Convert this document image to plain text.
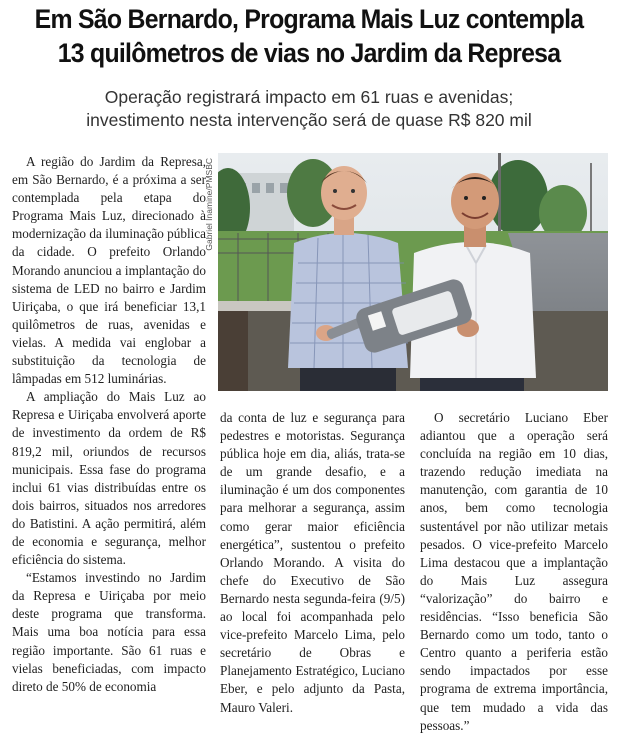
Em São Bernardo, Programa Mais Luz contempla
13 quilômetros de vias no Jardim da Represa
Operação registrará impacto em 61 ruas e avenidas;
investimento nesta intervenção será de quase R$ 820 mil

A região do Jardim da Represa, em São Bernardo, é a próxima a ser contemplada pela etapa do Programa Mais Luz, direcionado à modernização da iluminação pública da cidade. O prefeito Orlando Morando anunciou a implantação do sistema de LED no bairro e Jardim Uiriçaba, o que irá beneficiar 13,1 quilômetros de ruas, avenidas e vielas. A medida vai englobar a substituição da tecnologia de lâmpadas em 512 luminárias.

A ampliação do Mais Luz ao Represa e Uiriçaba envolverá aporte de investimento da ordem de R$ 819,2 mil, oriundos de recursos municipais. Essa fase do programa inclui 61 vias distribuídas entre os dois bairros, situados nos arredores do Batistini. A ação permitirá, além de economia e segurança, melhor eficiência do sistema.

“Estamos investindo no Jardim da Represa e Uiriçaba por meio deste programa que transforma. Mais uma boa notícia para essa região importante. São 61 ruas e vielas beneficiadas, com impacto direto de 50% de economia

Gabriel Inamine/PMSBC

da conta de luz e segurança para pedestres e motoristas. Segurança pública hoje em dia, aliás, trata-se de um grande desafio, e a iluminação é um dos componentes para melhorar a segurança, assim como gerar maior eficiência energética”, sustentou o prefeito Orlando Morando. A visita do chefe do Executivo de São Bernardo nesta segunda-feira (9/5) ao local foi acompanhada pelo vice-prefeito Marcelo Lima, pelo secretário de Obras e Planejamento Estratégico, Luciano Eber, e pelo adjunto da Pasta, Mauro Valeri.

O secretário Luciano Eber adiantou que a operação será concluída na região em 10 dias, trazendo redução imediata na manutenção, com garantia de 10 anos, bem como tecnologia sustentável por não utilizar metais pesados. O vice-prefeito Marcelo Lima destacou que a implantação do Mais Luz assegura “valorização” do bairro e residências. “Isso beneficia São Bernardo como um todo, tanto o Centro quanto a periferia estão sendo impactados por esse programa de extrema importância, que tem mudado a vida das pessoas.”
